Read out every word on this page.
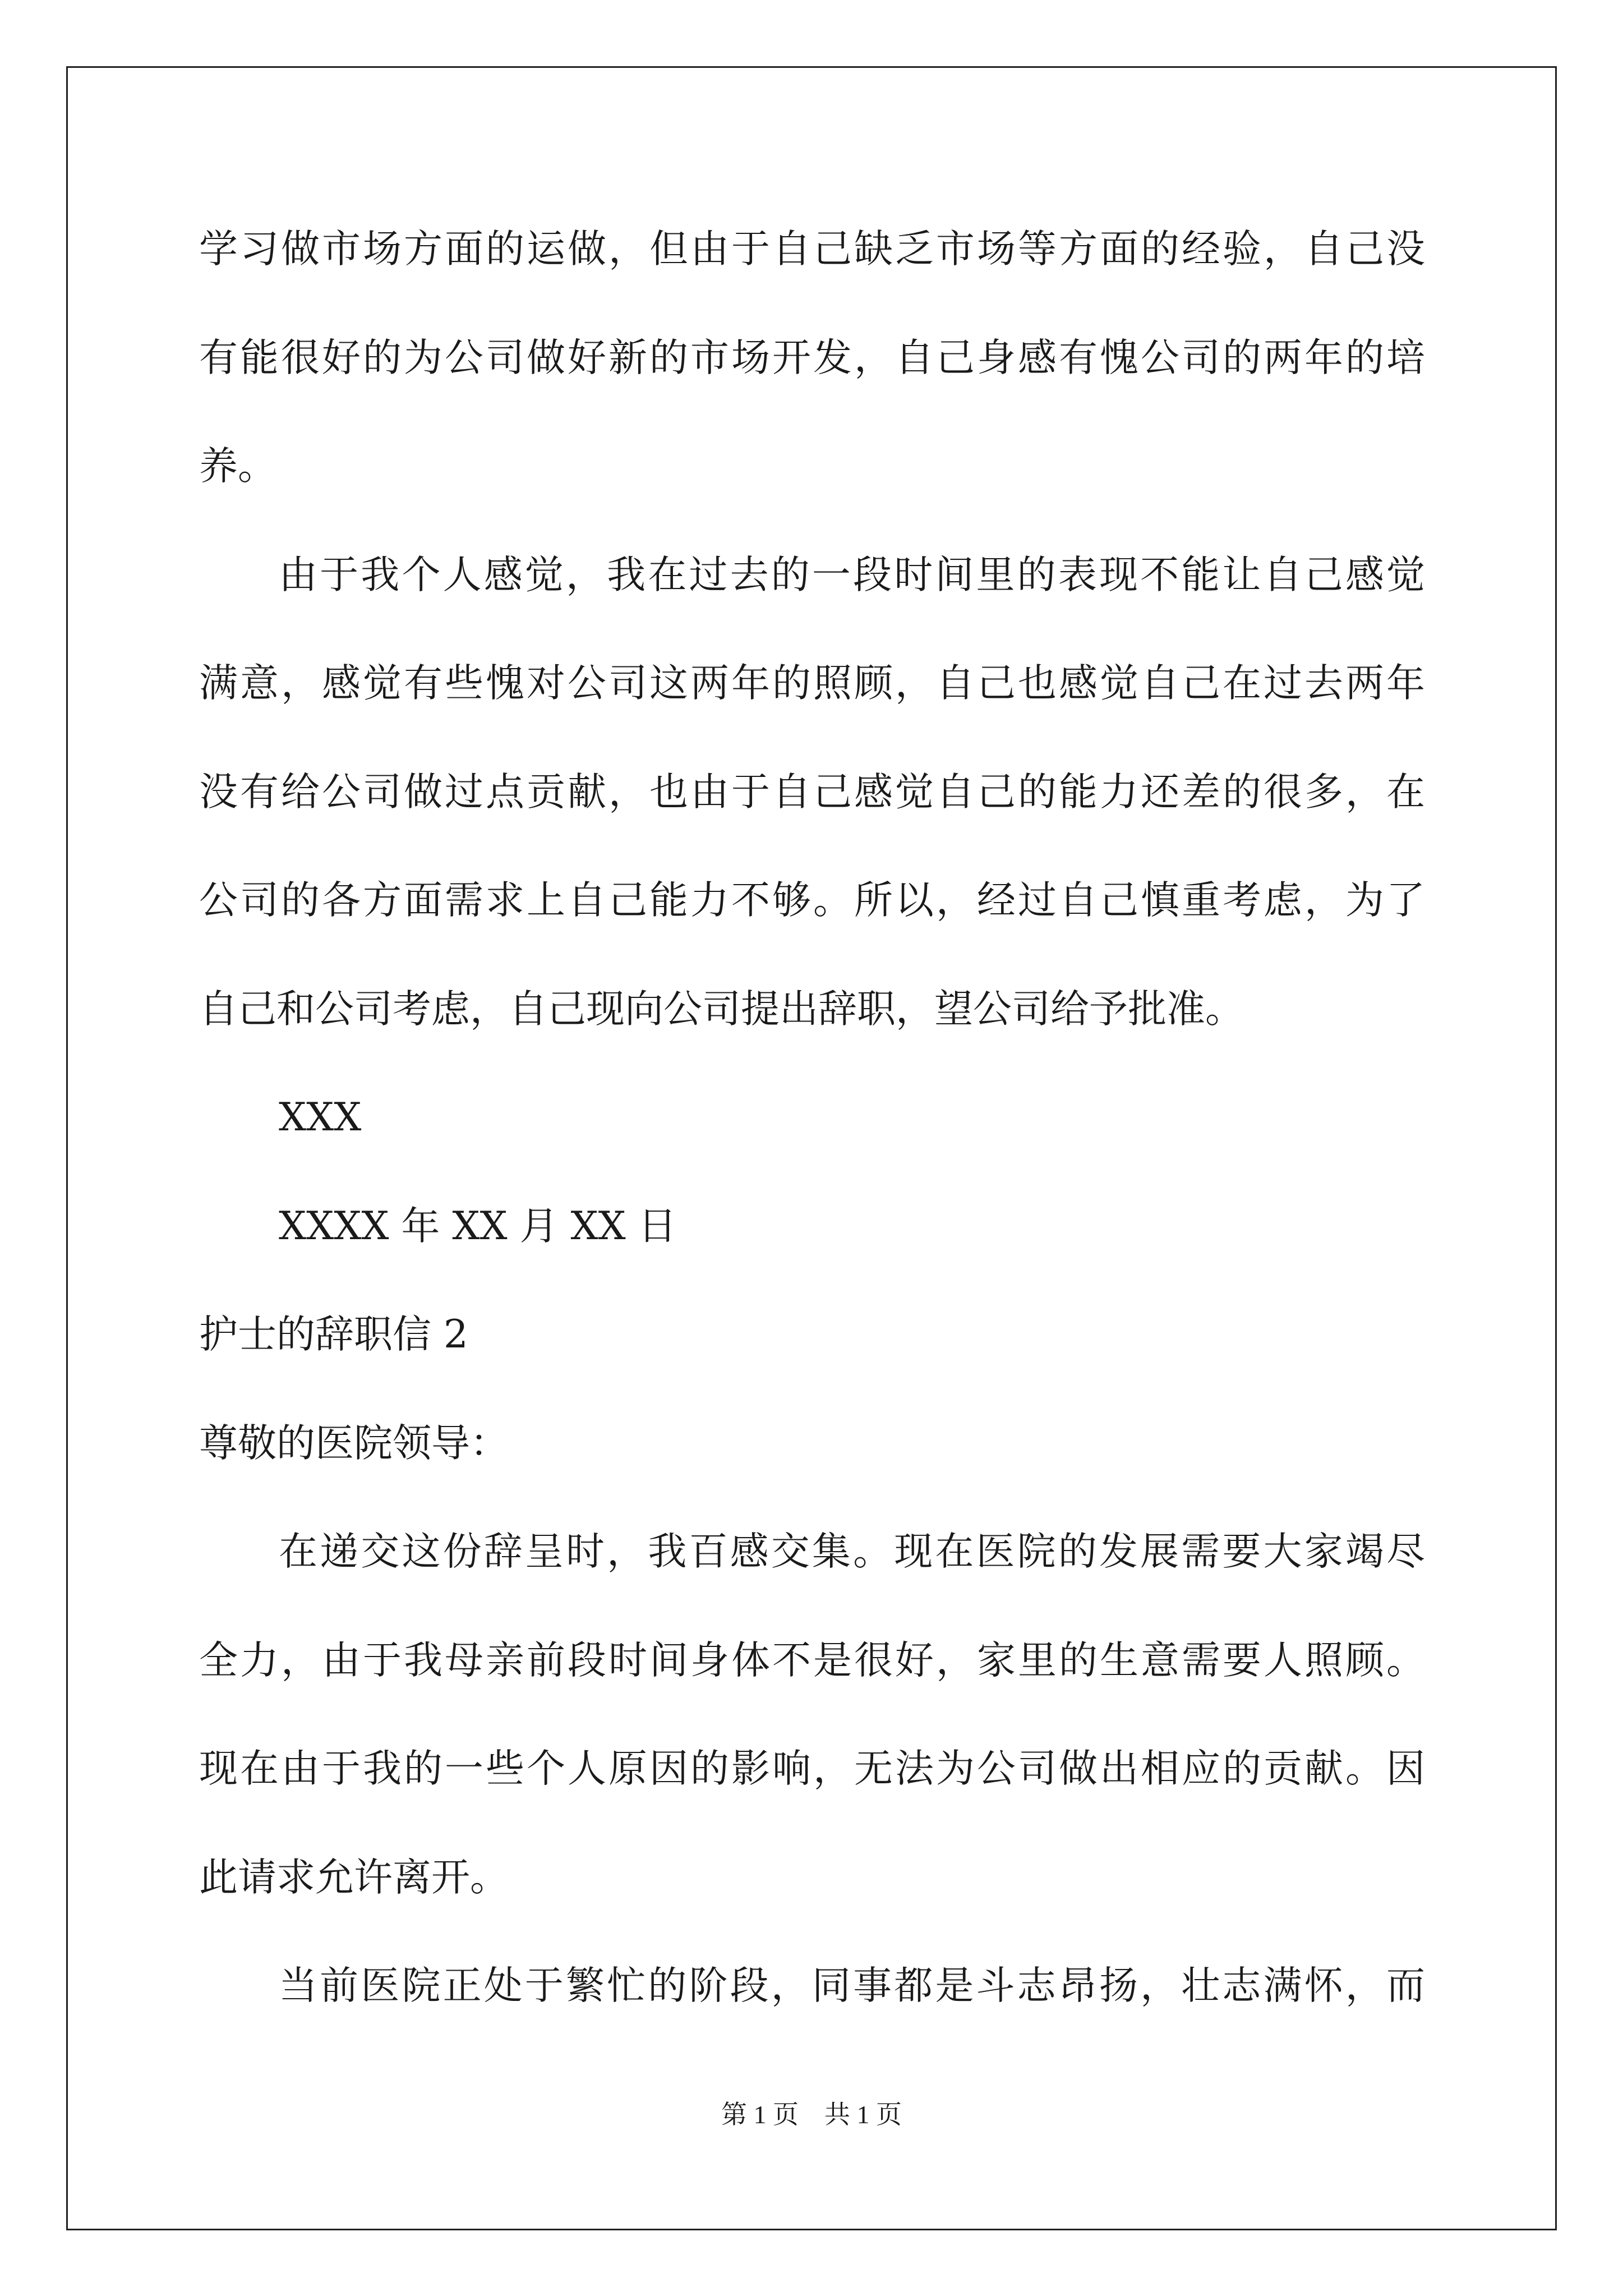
学习做市场方面的运做，但由于自己缺乏市场等方面的经验，自己没
有能很好的为公司做好新的市场开发，自己身感有愧公司的两年的培
养。
由于我个人感觉，我在过去的一段时间里的表现不能让自己感觉
满意，感觉有些愧对公司这两年的照顾，自己也感觉自己在过去两年
没有给公司做过点贡献，也由于自己感觉自己的能力还差的很多，在
公司的各方面需求上自己能力不够。所以，经过自己慎重考虑，为了
自己和公司考虑，自己现向公司提出辞职，望公司给予批准。
XXX
XXXX 年 XX 月 XX 日
护士的辞职信 2
尊敬的医院领导：
在递交这份辞呈时，我百感交集。现在医院的发展需要大家竭尽
全力，由于我母亲前段时间身体不是很好，家里的生意需要人照顾。
现在由于我的一些个人原因的影响，无法为公司做出相应的贡献。因
此请求允许离开。
当前医院正处于繁忙的阶段，同事都是斗志昂扬，壮志满怀，而
第 1 页　共 1 页
